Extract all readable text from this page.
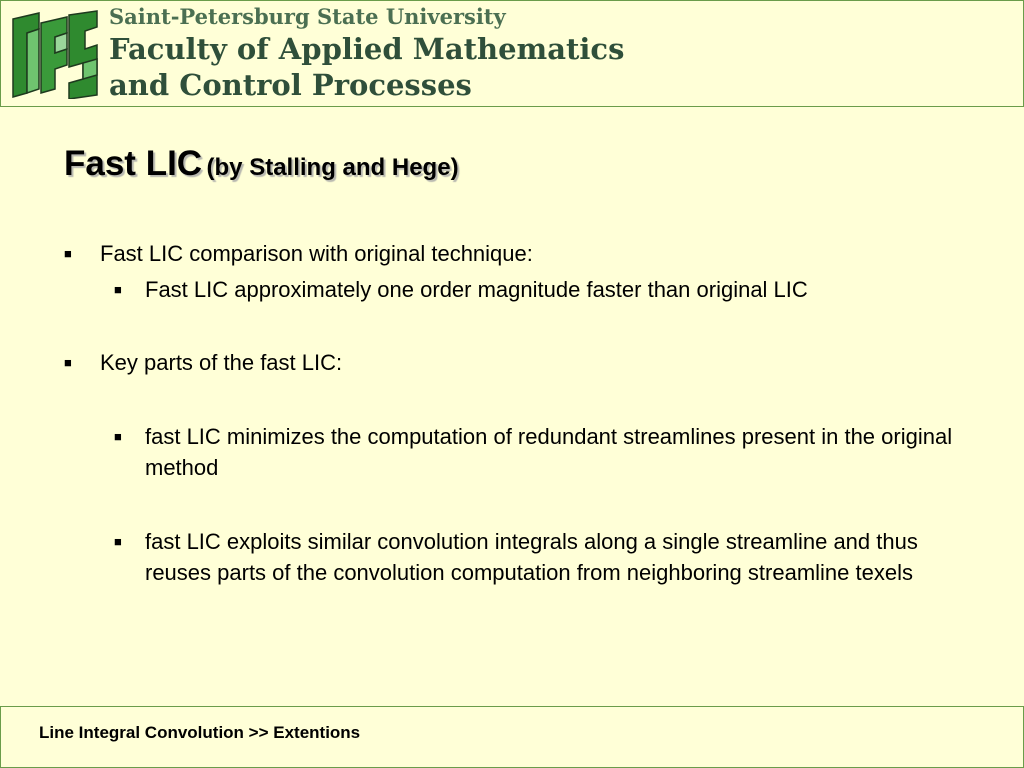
Saint-Petersburg State University
Faculty of Applied Mathematics
and Control Processes
Fast LIC (by Stalling and Hege)
■ Fast LIC comparison with original technique:
■ Fast LIC approximately one order magnitude faster than original LIC
■ Key parts of the fast LIC:
■ fast LIC minimizes the computation of redundant streamlines present in the original method
■ fast LIC exploits similar convolution integrals along a single streamline and thus reuses parts of the convolution computation from neighboring streamline texels
Line Integral Convolution >> Extentions
